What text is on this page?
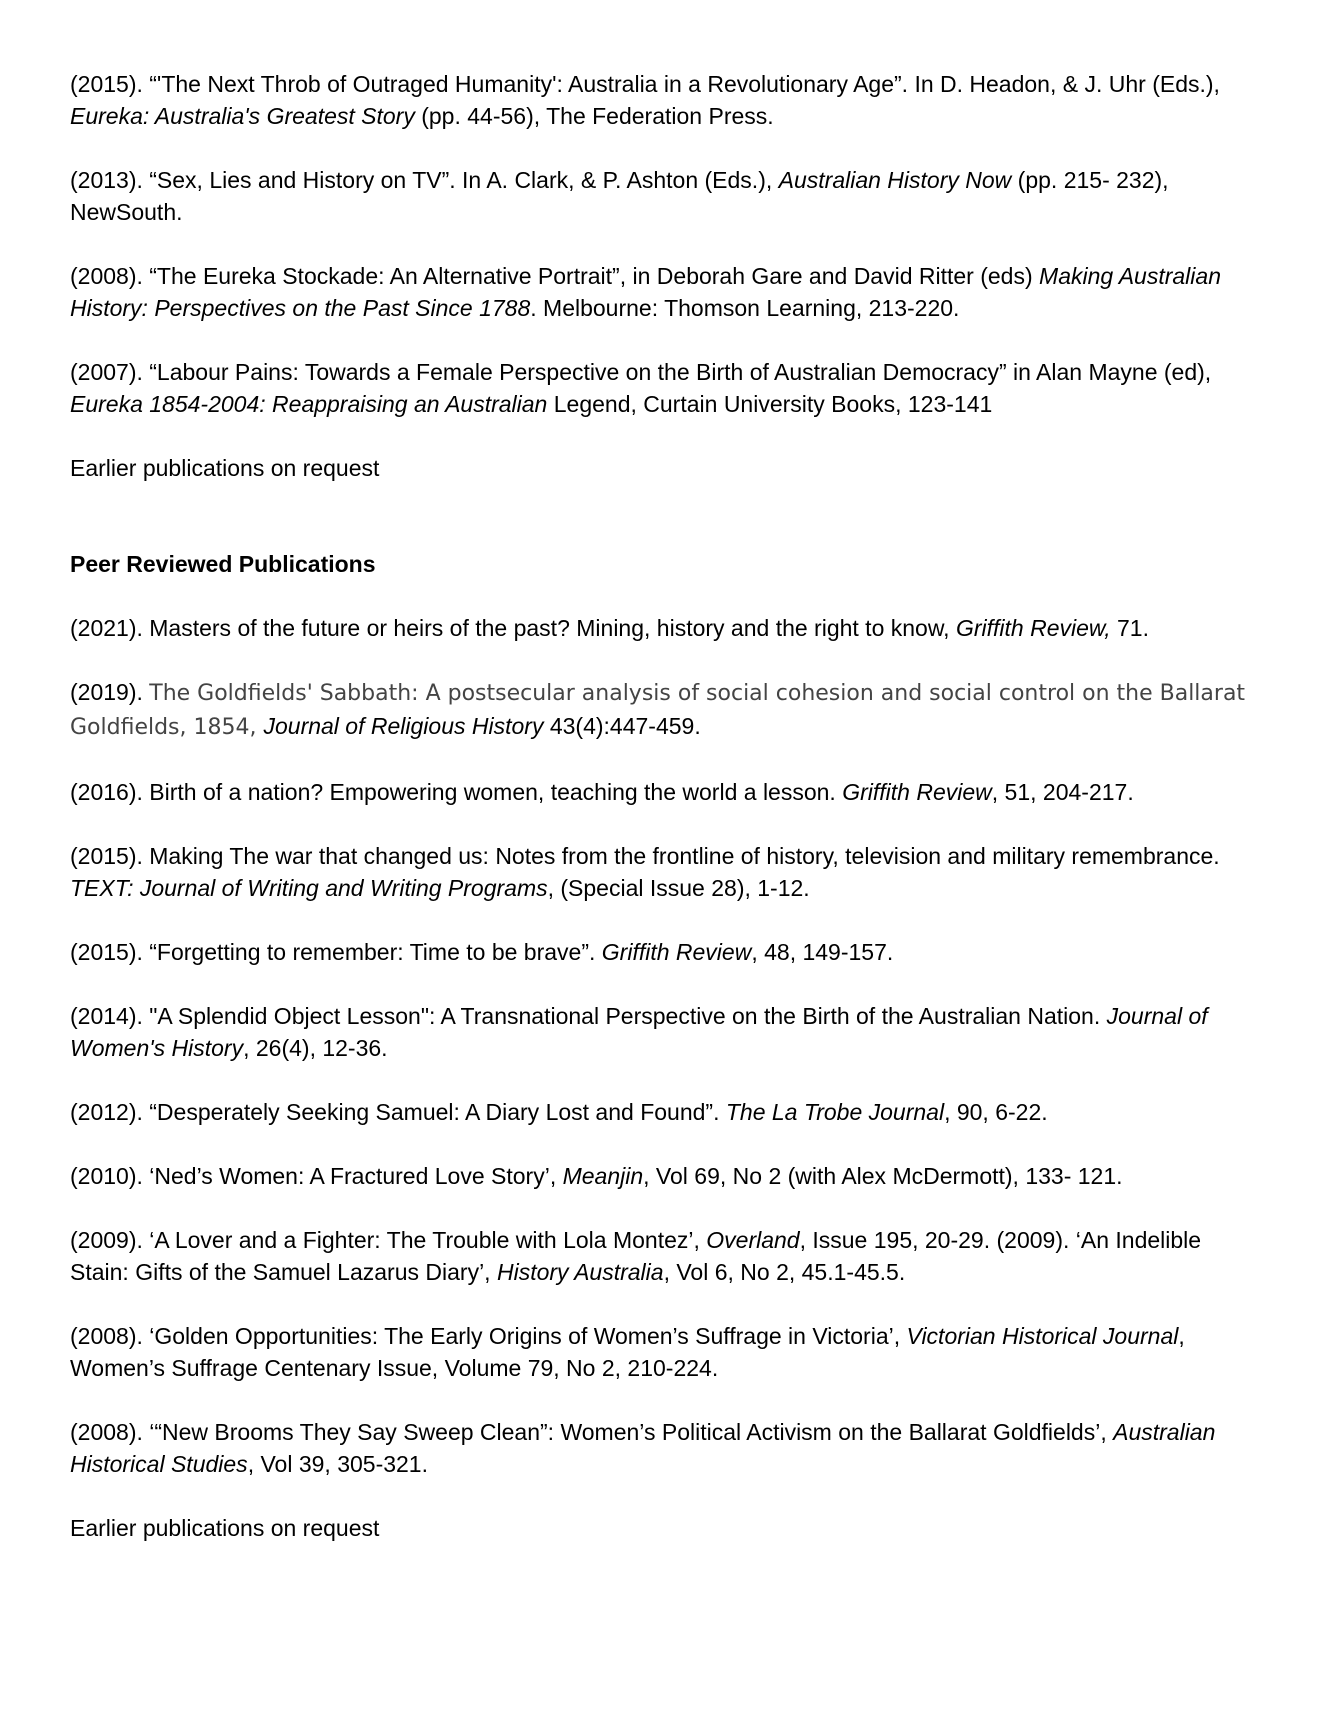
(2015). “'The Next Throb of Outraged Humanity': Australia in a Revolutionary Age”. In D. Headon, & J. Uhr (Eds.), Eureka: Australia's Greatest Story (pp. 44-56), The Federation Press.
(2013). “Sex, Lies and History on TV”. In A. Clark, & P. Ashton (Eds.), Australian History Now (pp. 215- 232), NewSouth.
(2008). “The Eureka Stockade: An Alternative Portrait”, in Deborah Gare and David Ritter (eds) Making Australian History: Perspectives on the Past Since 1788. Melbourne: Thomson Learning, 213-220.
(2007). “Labour Pains: Towards a Female Perspective on the Birth of Australian Democracy” in Alan Mayne (ed), Eureka 1854-2004: Reappraising an Australian Legend, Curtain University Books, 123-141
Earlier publications on request
Peer Reviewed Publications
(2021). Masters of the future or heirs of the past? Mining, history and the right to know, Griffith Review, 71.
(2019). The Goldfields' Sabbath: A postsecular analysis of social cohesion and social control on the Ballarat Goldfields, 1854, Journal of Religious History 43(4):447-459.
(2016). Birth of a nation? Empowering women, teaching the world a lesson. Griffith Review, 51, 204-217.
(2015). Making The war that changed us: Notes from the frontline of history, television and military remembrance. TEXT: Journal of Writing and Writing Programs, (Special Issue 28), 1-12.
(2015). “Forgetting to remember: Time to be brave”. Griffith Review, 48, 149-157.
(2014). "A Splendid Object Lesson": A Transnational Perspective on the Birth of the Australian Nation. Journal of Women's History, 26(4), 12-36.
(2012). “Desperately Seeking Samuel: A Diary Lost and Found”. The La Trobe Journal, 90, 6-22.
(2010). ‘Ned’s Women: A Fractured Love Story’, Meanjin, Vol 69, No 2 (with Alex McDermott), 133- 121.
(2009). ‘A Lover and a Fighter: The Trouble with Lola Montez’, Overland, Issue 195, 20-29. (2009). ‘An Indelible Stain: Gifts of the Samuel Lazarus Diary’, History Australia, Vol 6, No 2, 45.1-45.5.
(2008). ‘Golden Opportunities: The Early Origins of Women’s Suffrage in Victoria’, Victorian Historical Journal, Women’s Suffrage Centenary Issue, Volume 79, No 2, 210-224.
(2008). ‘“New Brooms They Say Sweep Clean”: Women’s Political Activism on the Ballarat Goldfields’, Australian Historical Studies, Vol 39, 305-321.
Earlier publications on request
